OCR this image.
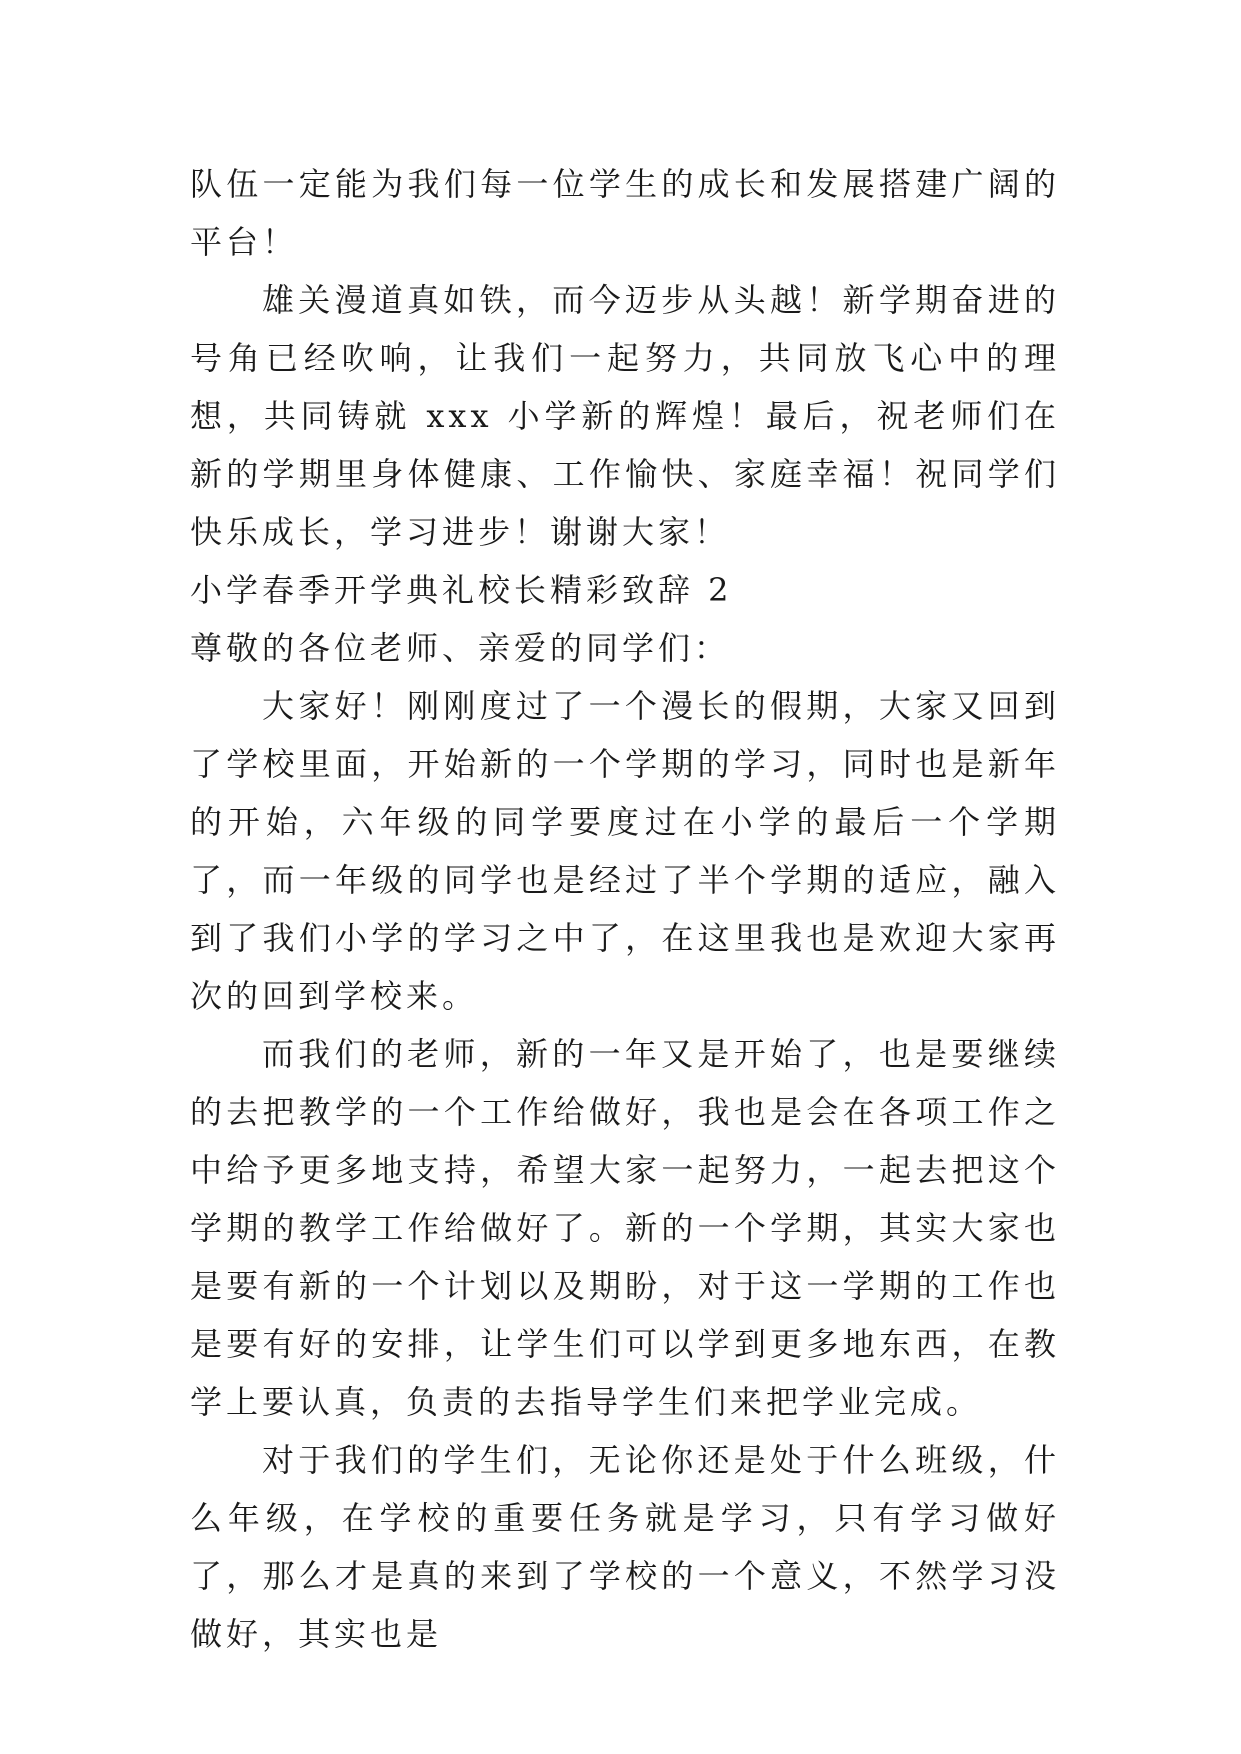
队伍一定能为我们每一位学生的成长和发展搭建广阔的平台！

雄关漫道真如铁，而今迈步从头越！新学期奋进的号角已经吹响，让我们一起努力，共同放飞心中的理想，共同铸就 xxx 小学新的辉煌！最后，祝老师们在新的学期里身体健康、工作愉快、家庭幸福！祝同学们快乐成长，学习进步！谢谢大家！

小学春季开学典礼校长精彩致辞 2

尊敬的各位老师、亲爱的同学们：

大家好！刚刚度过了一个漫长的假期，大家又回到了学校里面，开始新的一个学期的学习，同时也是新年的开始，六年级的同学要度过在小学的最后一个学期了，而一年级的同学也是经过了半个学期的适应，融入到了我们小学的学习之中了，在这里我也是欢迎大家再次的回到学校来。

而我们的老师，新的一年又是开始了，也是要继续的去把教学的一个工作给做好，我也是会在各项工作之中给予更多地支持，希望大家一起努力，一起去把这个学期的教学工作给做好了。新的一个学期，其实大家也是要有新的一个计划以及期盼，对于这一学期的工作也是要有好的安排，让学生们可以学到更多地东西，在教学上要认真，负责的去指导学生们来把学业完成。

对于我们的学生们，无论你还是处于什么班级，什么年级，在学校的重要任务就是学习，只有学习做好了，那么才是真的来到了学校的一个意义，不然学习没做好，其实也是
